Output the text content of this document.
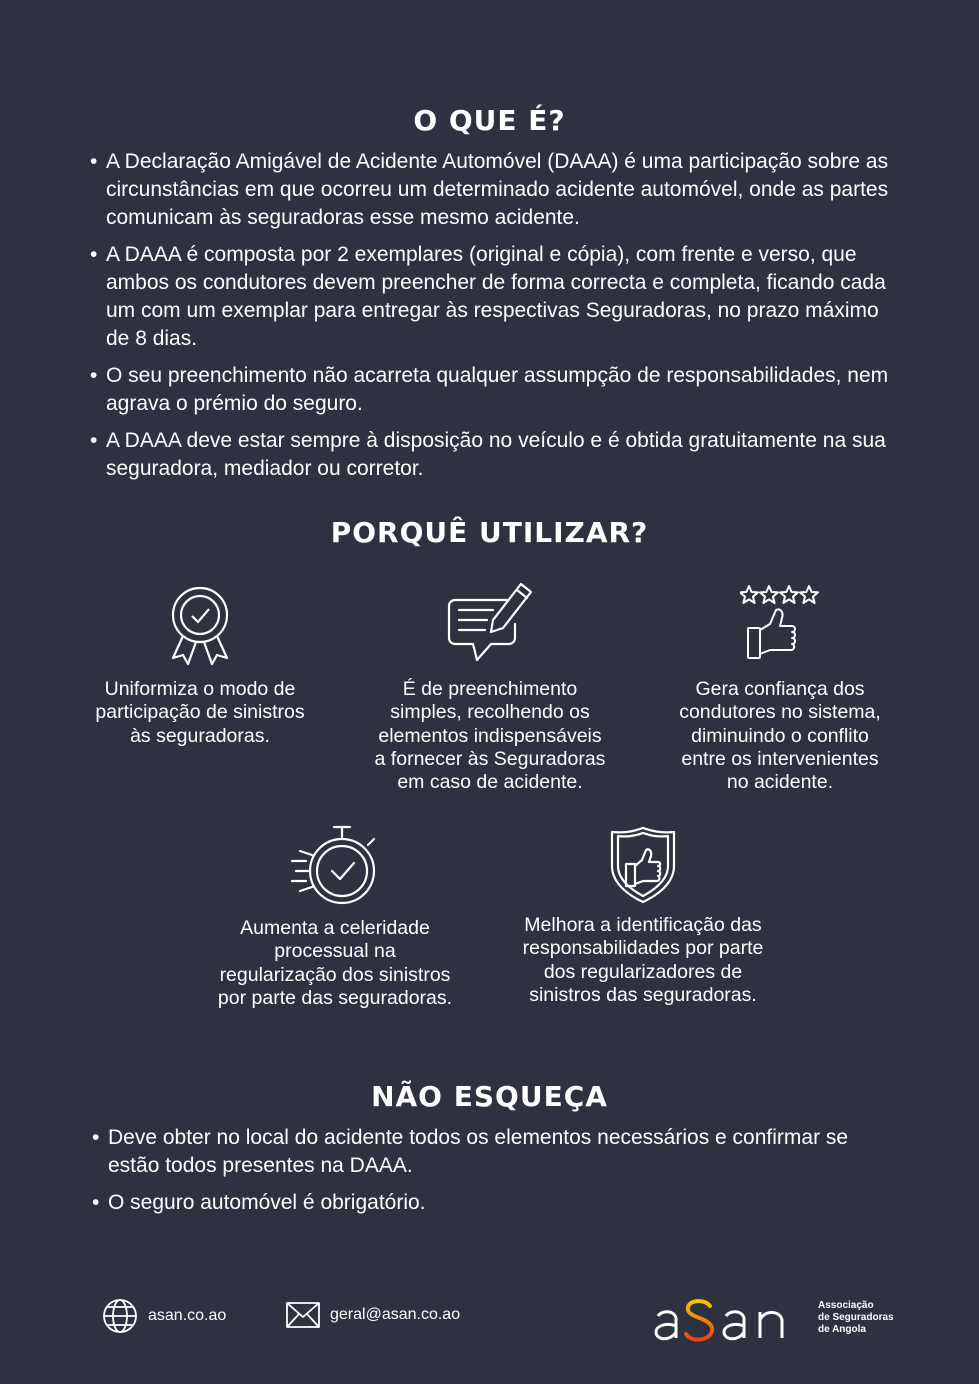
O QUE É?
• A Declaração Amigável de Acidente Automóvel (DAAA) é uma participação sobre as circunstâncias em que ocorreu um determinado acidente automóvel, onde as partes comunicam às seguradoras esse mesmo acidente.
• A DAAA é composta por 2 exemplares (original e cópia), com frente e verso, que ambos os condutores devem preencher de forma correcta e completa, ficando cada um com um exemplar para entregar às respectivas Seguradoras, no prazo máximo de 8 dias.
• O seu preenchimento não acarreta qualquer assumpção de responsabilidades, nem agrava o prémio do seguro.
• A DAAA deve estar sempre à disposição no veículo e é obtida gratuitamente na sua seguradora, mediador ou corretor.
PORQUÊ UTILIZAR?

Uniformiza o modo de
participação de sinistros
às seguradoras.

É de preenchimento
simples, recolhendo os
elementos indispensáveis
a fornecer às Seguradoras
em caso de acidente.

Gera confiança dos
condutores no sistema,
diminuindo o conflito
entre os intervenientes
no acidente.

Aumenta a celeridade
processual na
regularização dos sinistros
por parte das seguradoras.

Melhora a identificação das
responsabilidades por parte
dos regularizadores de
sinistros das seguradoras.

NÃO ESQUEÇA
• Deve obter no local do acidente todos os elementos necessários e confirmar se estão todos presentes na DAAA.
• O seguro automóvel é obrigatório.
asan.co.ao	geral@asan.co.ao
Associação
de Seguradoras
de Angola
